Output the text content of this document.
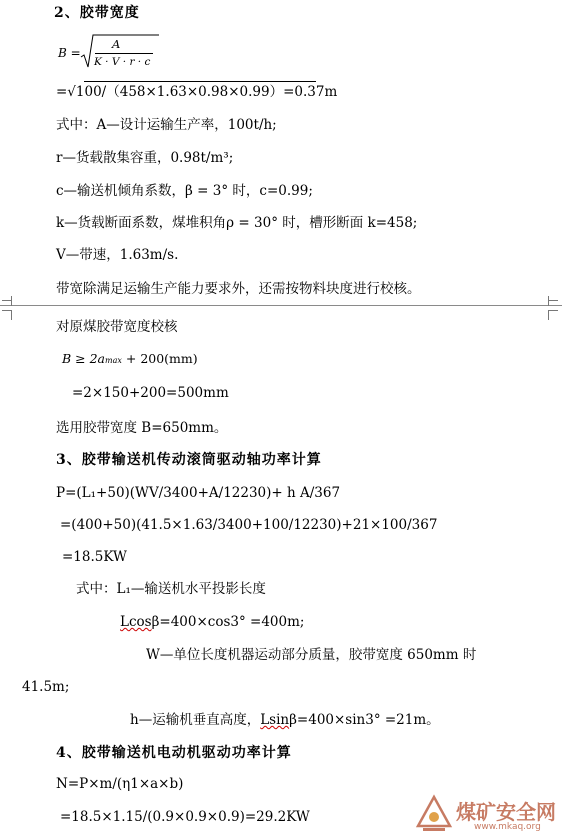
2、胶带宽度
B =
A
K · V · r · c
=√100/（458×1.63×0.98×0.99）=0.37m
式中：A—设计运输生产率，100t/h;
r—货载散集容重，0.98t/m³;
c—输送机倾角系数，β = 3° 时，c=0.99;
k—货载断面系数，煤堆积角ρ = 30° 时，槽形断面 k=458;
V—带速，1.63m/s.
带宽除满足运输生产能力要求外，还需按物料块度进行校核。
对原煤胶带宽度校核
B ≥ 2amax + 200(mm)
=2×150+200=500mm
选用胶带宽度 B=650mm。
3、胶带输送机传动滚筒驱动轴功率计算
P=(L₁+50)(WV/3400+A/12230)+ h A/367
=(400+50)(41.5×1.63/3400+100/12230)+21×100/367
=18.5KW
式中：L₁—输送机水平投影长度
Lcosβ=400×cos3° =400m;
W—单位长度机器运动部分质量，胶带宽度 650mm 时
41.5m;
h—运输机垂直高度，Lsinβ=400×sin3° =21m。
4、胶带输送机电动机驱动功率计算
N=P×m/(η1×a×b)
=18.5×1.15/(0.9×0.9×0.9)=29.2KW	煤矿安全网
www.mkaq.org
